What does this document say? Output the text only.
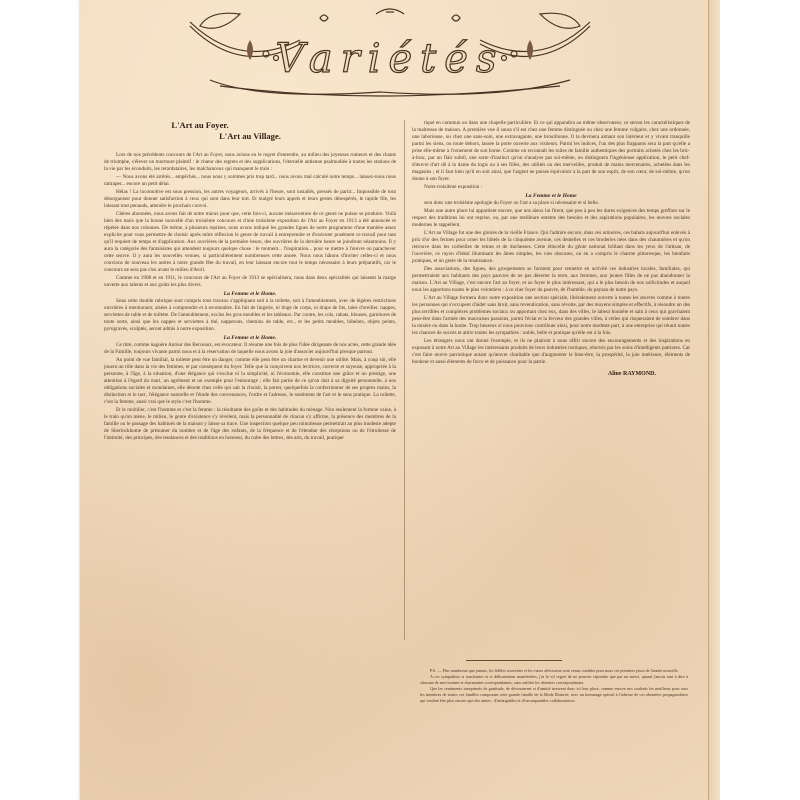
Variétés
L'Art au Foyer.
L'Art au Village.

Lors de nos précédents concours de l'Art au Foyer, nous avions eu le regret d'entendre, au milieu des joyeuses rumeurs et des chants de triomphe, s'élever un murmure plaintif : le chœur des regrets et des supplications, l'éternelle antienne psalmodiée à toutes les stations de la vie par les éconduits, les retardataires, les malchanceux qui manquent le train :

— Nous avons été arrêtés... empêchés... nous nous y sommes pris trop tard... nous avons mal calculé notre temps... laissez-nous nous rattraper... encore un petit délai.

Hélas ! La locomotive est sous pression, les autres voyageurs, arrivés à l'heure, sont installés, pressés de partir... Impossible de tout désorganiser pour donner satisfaction à ceux qui sont dans leur tort. Et malgré leurs appels et leurs gestes désespérés, le rapide file, les laissant tout penauds, attendre le prochain convoi.

Chères abonnées, nous avons fait de notre mieux pour que, cette fois-ci, aucune mésaventure de ce genre ne puisse se produire. Voilà bien des mois que la bonne nouvelle d'un troisième concours et d'une troisième exposition de l'Art au Foyer en 1913 a été annoncée et répétée dans nos colonnes. De même, à plusieurs reprises, nous avons indiqué les grandes lignes de notre programme d'une manière assez explicite pour vous permettre de choisir après mûre réflexion le genre de travail à entreprendre et d'exécuter posément ce travail pour tant qu'il requiert de temps et d'application. Aux ouvrières de la première heure, des ouvrières de la dernière heure se joindront néanmoins. Il y aura la catégorie des fantaisistes qui attendent toujours quelque chose : le moment... l'inspiration... pour se mettre à l'œuvre ou parachever cette œuvre. Il y aura les nouvelles venues, si particulièrement nombreuses cette année. Nous nous hâtons d'inviter celles-ci et nous convions de nouveau les autres à notre grande fête du travail, en leur laissant encore tout le temps nécessaire à leurs préparatifs, car le concours ne sera pas clos avant le milieu d'Avril.

Comme en 1908 et en 1911, le concours de l'Art au Foyer de 1913 se spécialisera, nous dans deux spécialités qui laissent la marge ouverte aux talents et aux goûts les plus divers.

La Femme et le Home.

Sous cette double rubrique sont compris tous travaux s'appliquant soit à la toilette, soit à l'ameublement, avec de légères restrictions ouvrières à mentionner, aisées à comprendre et à reconnaître. En fait de lingerie, ni linge de corps, ni draps de lits, taies d'oreiller, nappes, serviettes de table et de toilette. De l'ameublement, exclus les gros meubles et les tableaux. Par contre, les cols, rabats, blouses, garnitures de toute sorte, ainsi que les nappes et serviettes à thé, napperons, chemins de table, etc., et les petits meubles, bibelots, objets peints, pyrogravés, sculptés, seront admis à notre exposition.

La Femme et le Home.

Ce titre, comme naguère Autour des Berceaux, est évocateur. Il résume une fois de plus l'idée dirigeante de nos actes, cette grande idée de la Famille, toujours vivante parmi nous et à la réservation de laquelle nous avons la joie d'associer aujourd'hui presque partout.

Au point de vue familial, la toilette peut être un danger, comme elle peut être un charme et devenir une utilité. Mais, à coup sûr, elle jouera un rôle dans la vie des femmes, et par conséquent du foyer. Telle que la conçoivent nos lectrices, correcte et soyeuse, appropriée à la personne, à l'âge, à la situation, d'une élégance qui s'exclue ni la simplicité, ni l'économie, elle constitue une grâce et un prestige, une attention à l'égard du mari, un agrément et un exemple pour l'entourage ; elle fait partie de ce qu'on doit à sa dignité personnelle, à nos obligations sociales et mondaines, elle dénote chez celle qui sait la choisir, la porter, quelquefois la confectionner de ses propres mains, la distinction et le tact, l'élégance naturelle et l'étude des convenances, l'ordre et l'adresse, le sentiment de l'art et le sens pratique. La toilette, c'est la femme, aussi vrai que le style c'est l'homme.

Et le mobilier, c'est l'homme et c'est la femme : la résultante des goûts et des habitudes du ménage. Non seulement la fortune vaine, à le train qu'on mène, le milieu, le genre d'existence s'y révèlent, mais la personnalité de chacun s'y affirme, la présence des membres de la famille ou le passage des habitués de la maison y laisse sa trace. Une inspection quelque peu minutieuse permettrait au plus modeste adepte de Sherlockhome de présumer du nombre et de l'âge des enfants, de la fréquence et de l'étendue des réceptions ou de l'étroitesse de l'intimité, des principes, des tendances et des traditions en honneur, du culte des lettres, des arts, du travail, pratiqué

tiqué en commun ou dans une chapelle particulière. Et ce qui apparaîtra au même observateur, ce seront les caractéristiques de la maîtresse de maison. A première vue il saura s'il est chez une femme distinguée ou chez une femme vulgaire, chez une ordonnée, une laborieuse, ou chez une sans-soin, une extravagante, une brouillonne. Il la devinera aimant son intérieur et y vivant tranquille parmi les siens, ou toute dehors, lassée la porte ouverte aux visiteurs. Parmi les indices, l'un des plus frappants sera la part qu'elle a prise elle-même à l'ornement de son home. Comme on reconnaît les toiles de famille authentiques des portraits achetés chez les bric-à-brac, par un flair subtil, une sorte d'instinct qu'on n'analyse pas soi-même, on distinguera l'ingénieuse application, le petit chef-d'œuvre d'art dû à la dame du logis ou à ses filles, des utilités ou des merveilles, produit de mains mercenaires, achetées dans les magasins ; et il faut bien qu'il en soit ainsi, que l'argent ne puisse équivaloir à la part de son esprit, de son cœur, de soi-même, qu'on donne à son foyer.

Notre troisième exposition :

La Femme et le Home

sera donc une troisième apologie du Foyer ou l'art a sa place si nécessaire et si belle.

Mais une autre place lui appartient encore, que nos aïeux lui firent, que peu à peu les dures exigences des temps greffant sur le respect des traditions lui ont reprise, ou, par une meilleure entente des besoins et des aspirations populaires, les œuvres sociales modernes le rappellent.

L'Art au Village fut une des gloires de la vieille France. Qui l'admire encore, dans ces armoires, ces bahuts aujourd'hui enlevés à prix d'or des fermes pour orner les hôtels de la cinquième avenue, ces dentelles et ces broderies nées dans des chaumières et qu'on retrouve dans les corbeilles de reines et de duchesses. Cette étincelle du génie national brillant dans les yeux de l'artisan, de l'ouvrière, ce rayon d'idéal illuminant les âmes simples, les vies obscures, on en a compris le charme pittoresque, les bienfaits pratiques, et un geste de la renaissance.

Des associations, des ligues, des groupements se forment pour remettre en activité ces industries locales, familiales, qui permettraient aux habitants des pays pauvres de ne pas déserter la terre, aux femmes, aux jeunes filles de ne pas abandonner la maison. L'Art au Village, c'est encore l'art au foyer, et au foyer le plus intéressant, qui a le plus besoin de nos sollicitudes et auquel nous les apportons toutes le plus volontiers : à ce cher foyer du pauvre, de l'humble, du paysan de notre pays.

L'Art au Village formera donc notre exposition une section spéciale, libéralement ouverte à toutes les œuvres comme à toutes les personnes qui s'occupent d'aider sans bruit, sans revendication, sans révolte, par des moyens simples et effectifs, à résoudre un des plus terribles et complexes problèmes sociaux ou apportant chez eux, dans des villes, le labeur honnête et sain à ceux qui gravitaient peut-être dans l'armée des mauvaises passions, parmi l'éclat et la ferveur des grandes villes, à celles qui risqueraient de sombrer dans la misère ou dans la honte. Trop heureux si nous pouvions contribuer ainsi, pour notre modeste part, à une entreprise qui réunit toutes les chances de succès et attire toutes les sympathies : noble, belle et pratique qu'elle est à la fois.

Les étrangers nous ont donné l'exemple, et ils ne plairont à nous offrir encore des encouragements et des inspirations en exposant à notre Art au Village les intéressants produits de leurs industries rustiques, rénovés par les soins d'intelligents patriotes. Car c'est faire œuvre patriotique autant qu'œuvre charitable que d'augmenter le bien-être, la prospérité, la joie intérieure, éléments de bonheur et aussi éléments de force et de puissance pour la patrie.

Aline RAYMOND.

P.S. — Plus nombreux que jamais, les fidèles souvenirs et les vœux affectueux sont venus combler pour nous ces premiers jours de l'année nouvelle.

A ces sympathies si touchantes et si délicatement manifestées, j'ai le vif regret de ne pouvoir répondre que par un merci, quand j'aurais tant à dire à chacune de mes bonnes et charmantes correspondantes, sans oublier les absentes correspondantes.

Que les sentiments inexprimés de gratitude, de dévouement et d'amitié trouvent donc ici leur place, comme encore nos souhaits les meilleurs pour tous les membres de toutes ces familles composant cette grande famille de la Mode Illustrée, avec un hommage spécial à l'adresse de ces abonnées propagandistes qui veulent être plus encore que des amies : d'infatigables et d'incomparables collaboratrices.
